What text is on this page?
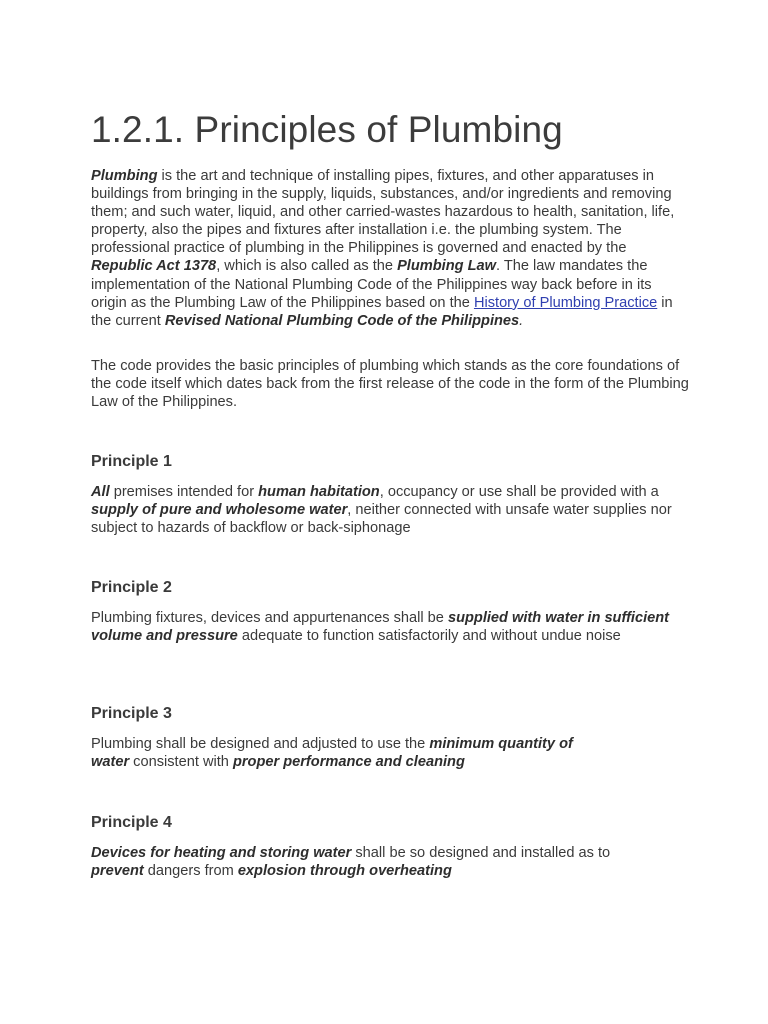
1.2.1. Principles of Plumbing

Plumbing is the art and technique of installing pipes, fixtures, and other apparatuses in buildings from bringing in the supply, liquids, substances, and/or ingredients and removing them; and such water, liquid, and other carried-wastes hazardous to health, sanitation, life, property, also the pipes and fixtures after installation i.e. the plumbing system. The professional practice of plumbing in the Philippines is governed and enacted by the Republic Act 1378, which is also called as the Plumbing Law. The law mandates the implementation of the National Plumbing Code of the Philippines way back before in its origin as the Plumbing Law of the Philippines based on the History of Plumbing Practice in the current Revised National Plumbing Code of the Philippines.

The code provides the basic principles of plumbing which stands as the core foundations of the code itself which dates back from the first release of the code in the form of the Plumbing Law of the Philippines.

Principle 1

All premises intended for human habitation, occupancy or use shall be provided with a supply of pure and wholesome water, neither connected with unsafe water supplies nor subject to hazards of backflow or back-siphonage

Principle 2

Plumbing fixtures, devices and appurtenances shall be supplied with water in sufficient volume and pressure adequate to function satisfactorily and without undue noise

Principle 3

Plumbing shall be designed and adjusted to use the minimum quantity of water consistent with proper performance and cleaning

Principle 4

Devices for heating and storing water shall be so designed and installed as to prevent dangers from explosion through overheating
